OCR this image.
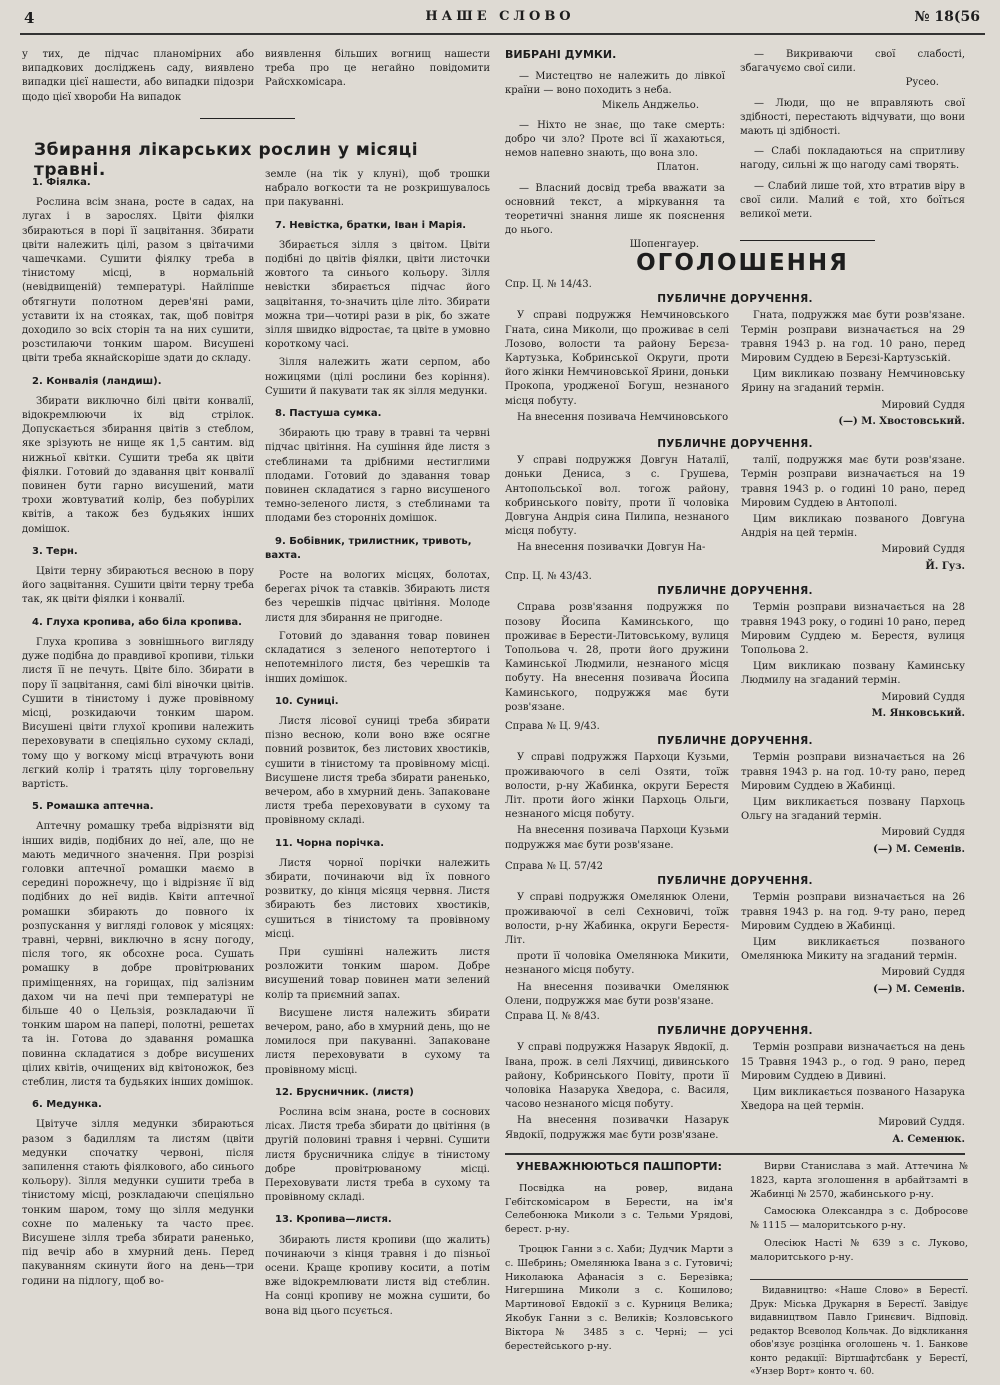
4	НАШЕ СЛОВО	№ 18(56

у тих, де підчас планомірних або випадкових досліджень саду, виявлено випадки цієї нашести, або випадки підозри щодо цієї хвороби На випадок

виявлення більших вогнищ нашести треба про це негайно повідомити Райсхкомісара.

Збирання лікарських рослин у місяці травні.
1. Фіялка.

Рослина всім знана, росте в садах, на лугах і в заросляx. Цвіти фіялки збираються в порі її зацвітання. Збирати цвіти належить цілі, разом з цвітачими чашечками. Сушити фіялку треба в тінистому місці, в нормальній (невідвищеній) температурі. Найліпше обтягнути полотном дерев'яні рами, уставити іх на стояках, так, щоб повітря доходило зо всіх сторін та на них сушити, розстилаючи тонким шаром. Висушені цвіти треба якнайскоріше здати до складу.

2. Конвалія (ландиш).

Збирати виключно білі цвіти конвалії, відокремлюючи іх від стрілок. Допускається збирання цвітів з стеблом, яке зрізують не нище як 1,5 сантим. від нижньої квітки. Сушити треба як цвіти фіялки. Готовий до здавання цвіт конвалії повинен бути гарно висушений, мати трохи жовтуватий колір, без побурілих квітів, а також без будьяких інших домішок.

3. Терн.

Цвіти терну збираються весною в пору його зацвітання. Сушити цвіти терну треба так, як цвіти фіялки і конвалії.

4. Глуха кропива, або біла кропива.

Глуха кропива з зовнішнього вигляду дуже подібна до правдивої кропиви, тільки листя її не печуть. Цвіте біло. Збирати в пору її зацвітання, самі білі віночки цвітів. Сушити в тінистому і дуже провівному місці, розкидаючи тонким шаром. Висушені цвіти глухої кропиви належить переховувати в спеціяльно сухому складі, тому що у вогкому місці втрачують вони лєгкий колір і тратять цілу торговельну вартість.

5. Ромашка аптечна.

Аптечну ромашку треба відрізняти від інших видів, подібних до неї, але, що не мають медичного значення. При розрізі головки аптечної ромашки маємо в середині порожнечу, що і відрізняє її від подібних до неї видів. Квіти аптечної ромашки збирають до повного іх розпускання у вигляді головок у місяцях: травні, червні, виключно в ясну погоду, після того, як обсохне роса. Сушать ромашку в добре провітрюваних приміщеннях, на горищах, під залізним дахом чи на печі при температурі не більше 40 о Цельзія, розкладаючи її тонким шаром на папері, полотні, решетах та ін. Готова до здавання ромашка повинна складатися з добре висушених цілих квітів, очищених від квітоножок, без стеблин, листя та будьяких інших домішок.

6. Медунка.

Цвітуче зілля медунки збираються разом з бадиллям та листям (цвіти медунки спочатку червоні, після запилення стають фіялкового, або синього кольору). Зілля медунки сушити треба в тінистому місці, розкладаючи спеціяльно тонким шаром, тому що зілля медунки сохне по маленьку та часто преє. Висушене зілля треба збирати раненько, під вечір або в хмурний день. Перед пакуванням скинути його на день—три години на підлогу, щоб во-

земле (на тік у клуні), щоб трошки набрало вогкости та не розкришувалось при пакуванні.

7. Невістка, братки, Іван і Марія.

Збирається зілля з цвітом. Цвіти подібні до цвітів фіялки, цвіти листочки жовтого та синього кольору. Зілля невістки збирається підчас його зацвітання, то-значить ціле літо. Збирати можна три—чотирі рази в рік, бо зжате зілля швидко відростає, та цвіте в умовно короткому часі.

Зілля належить жати серпом, або ножицями (цілі рослини без коріння). Сушити й пакувати так як зілля медунки.

8. Пастуша сумка.

Збирають цю траву в травні та червні підчас цвітіння. На сушіння йде листя з стеблинами та дрібними нестиглими плодами. Готовий до здавання товар повинен складатися з гарно висушеного темно-зеленого листя, з стеблинами та плодами без сторонніх домішок.

9. Бобівник, трилистник, тривоть, вахта.

Росте на вологих місцях, болотах, берегах річок та ставків. Збирають листя без черешків підчас цвітіння. Молоде листя для збирання не пригодне.

Готовий до здавання товар повинен складатися з зеленого непотертого і непотемнілого листя, без черешків та інших домішок.

10. Суниці.

Листя лісової суниці треба збирати пізно весною, коли воно вже осягне повний розвиток, без листових хвостиків, сушити в тінистому та провівному місці. Висушене листя треба збирати раненько, вечером, або в хмурний день. Запаковане листя треба переховувати в сухому та провівному складі.

11. Чорна порічка.

Листя чорної порічки належить збирати, починаючи від їх повного розвитку, до кінця місяця червня. Листя збирають без листових хвостиків, сушиться в тінистому та провівному місці.

При сушінні належить листя розложити тонким шаром. Добре висушений товар повинен мати зелений колір та приємний запах.

Висушене листя належить збирати вечером, рано, або в хмурний день, що не ломилося при пакуванні. Запаковане листя переховувати в сухому та провівному місці.

12. Брусничник. (листя)

Рослина всім знана, росте в соснових лісах. Листя треба збирати до цвітіння (в другій половині травня і червні. Сушити листя брусничника слідує в тінистому добре провітрюваному місці. Переховувати листя треба в сухому та провівному складі.

13. Кропива—листя.

Збирають листя кропиви (що жалить) починаючи з кінця травня і до пізньої осени. Краще кропиву косити, а потім вже відокремлювати листя від стеблин. На сонці кропиву не можна сушити, бо вона від цього псується.

ВИБРАНІ ДУМКИ.

— Мистецтво не належить до лівкої країни — воно походить з неба.

Мікель Анджельо.

— Ніхто не знає, що таке смерть: добро чи зло? Проте всі її жахаються, немов напевно знають, що вона зло.

Платон.

— Власний досвід треба вважати за основний текст, а міркування та теоретичні знання лише як пояснення до нього.

Шопенгауер.

— Викриваючи свої слабості, збагачуємо свої сили.

Русео.

— Люди, що не вправляють свої здібності, перестають відчувати, що вони мають ці здібності.

— Слабі покладаються на спритливу нагоду, сильні ж що нагоду самі творять.

— Слабий лише той, хто втратив віру в свої сили. Малий є той, хто боїться великої мети.

ОГОЛОШЕННЯ

Спр. Ц. № 14/43.

ПУБЛИЧНЕ ДОРУЧЕННЯ.

У справі подружжя Немчиновського Гната, сина Миколи, що проживає в селі Лозово, волости та району Берєза-Картузька, Кобринської Округи, проти його жінки Немчиновської Ярини, доньки Прокопа, уродженої Богуш, незнаного місця побуту.

На внесення позивача Немчиновського

Гната, подружжя має бути розв'язане. Термін розправи визначається на 29 травня 1943 р. на год. 10 рано, перед Мировим Суддею в Берєзі-Картузській.

Цим викликаю позвану Немчиновську Ярину на згаданий термін.

Мировий Суддя

(—) М. Хвостовський.

ПУБЛИЧНЕ ДОРУЧЕННЯ.

У справі подружжя Довгун Наталії, доньки Дениса, з с. Грушева, Антопольської вол. тогож району, кобринського повіту, проти її чоловіка Довгуна Андрія сина Пилипа, незнаного місця побуту.

На внесення позивачки Довгун На-

талії, подружжя має бути розв'язане. Термін розправи визначається на 19 травня 1943 р. о годині 10 рано, перед Мировим Суддею в Антополі.

Цим викликаю позваного Довгуна Андрія на цей термін.

Мировий Суддя

Й. Гуз.

Спр. Ц. № 43/43.

ПУБЛИЧНЕ ДОРУЧЕННЯ.

Справа розв'язання подружжя по позову Йосипа Каминського, що проживає в Берести-Литовському, вулиця Топольова ч. 28, проти його дружини Каминської Людмили, незнаного місця побуту. На внесення позивача Йосипа Каминського, подружжя має бути розв'язане.

Термін розправи визначається на 28 травня 1943 року, о годині 10 рано, перед Мировим Суддею м. Берестя, вулиця Топольова 2.

Цим викликаю позвану Каминську Людмилу на згаданий термін.

Мировий Суддя

М. Янковський.

Справа № Ц. 9/43.

ПУБЛИЧНЕ ДОРУЧЕННЯ.

У справі подружжя Пархоци Кузьми, проживаючого в селі Озяти, тоїж волости, р-ну Жабинка, округи Берестя Літ. проти його жінки Пархоць Ольги, незнаного місця побуту.

На внесення позивача Пархоци Кузьми подружжя має бути розв'язане.

Термін розправи визначається на 26 травня 1943 р. на год. 10-ту рано, перед Мировим Суддею в Жабинці.

Цим викликається позвану Пархоць Ольгу на згаданий термін.

Мировий Суддя

(—) М. Семенів.

Справа № Ц. 57/42

ПУБЛИЧНЕ ДОРУЧЕННЯ.

У справі подружжя Омелянюк Олени, проживаючої в селі Сехновичі, тоїж волости, р-ну Жабинка, округи Берестя-Літ.

проти її чоловіка Омелянюка Микити, незнаного місця побуту.

На внесення позивачки Омелянюк Олени, подружжя має бути розв'язане.

Термін розправи визначається на 26 травня 1943 р. на год. 9-ту рано, перед Мировим Суддею в Жабинці.

Цим викликається позваного Омелянюка Микиту на згаданий термін.

Мировий Суддя

(—) М. Семенів.

Справа Ц. № 8/43.

ПУБЛИЧНЕ ДОРУЧЕННЯ.

У справі подружжя Назарук Явдокії, д. Івана, прож. в селі Ляхчиці, дивинського району, Кобринського Повіту, проти її чоловіка Назарука Хведора, с. Василя, часово незнаного місця побуту.

На внесення позивачки Назарук Явдокії, подружжя має бути розв'язане.

Термін розправи визначається на день 15 Травня 1943 р., о год. 9 рано, перед Мировим Суддею в Дивині.

Цим викликається позваного Назарука Хведора на цей термін.

Мировий Суддя.

А. Семенюк.

УНЕВАЖНЮЮТЬСЯ ПАШПОРТИ:

Посвідка на ровер, видана Гебітскомісаром в Берести, на ім'я Селебонюка Миколи з с. Тельми Урядові, берест. р-ну.

Троцюк Ганни з с. Хаби; Дудчик Марти з с. Шебринь; Омелянюка Івана з с. Гутовичі; Николаюка Афанасія з с. Березівка; Нигершина Миколи з с. Кошилово; Мартинової Евдокії з с. Курниця Велика; Якобук Ганни з с. Великів; Козловського Віктора № 3485 з с. Черні; — усі берестейського р-ну.

Вирви Станислава з май. Аттечина № 1823, карта зголошення в арбайтзамті в Жабинці № 2570, жабинського р-ну.

Самосюка Олександра з с. Добросове № 1115 — малоритського р-ну.

Олесіюк Насті № 639 з с. Луково, малоритського р-ну.

Видавництво: «Наше Слово» в Берестї. Друк: Міська Друкарня в Берестї. Завідує видавництвом Павло Гринєвич. Відповід. редактор Всеволод Кольчак. До відкликання обов'язує розцінка оголошень ч. 1. Банкове конто редакції: Віртшафтсбанк у Берестї, «Унзер Ворт» конто ч. 60.
